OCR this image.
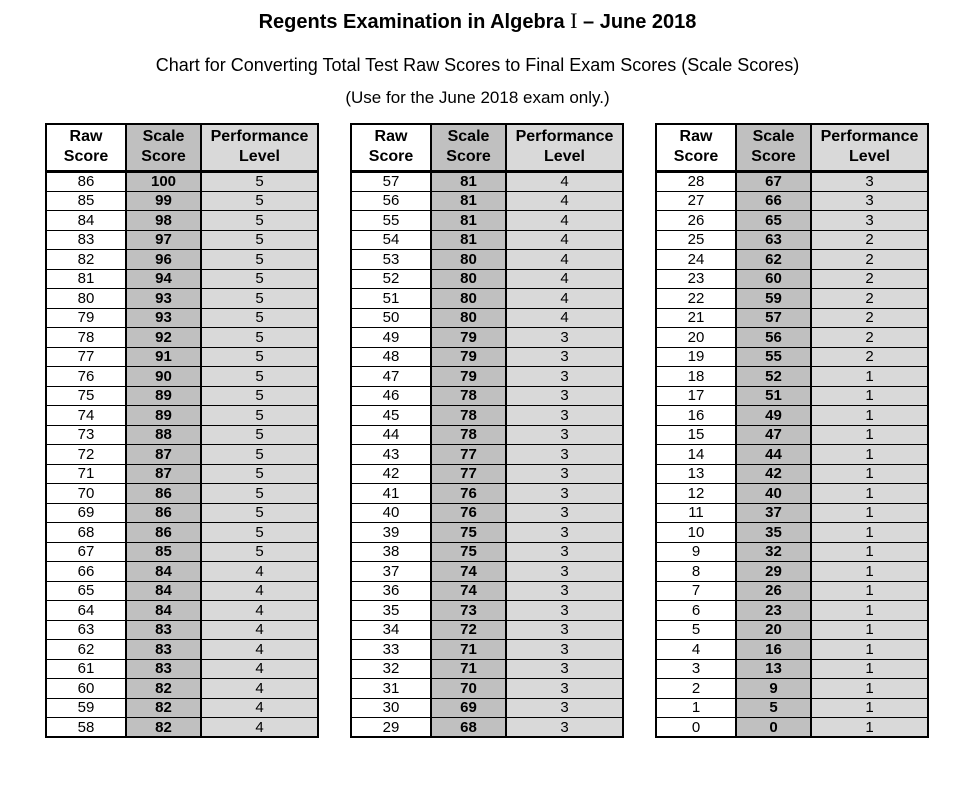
Regents Examination in Algebra I – June 2018
Chart for Converting Total Test Raw Scores to Final Exam Scores (Scale Scores)
(Use for the June 2018 exam only.)
Raw
Score

Scale
Score

Performance
Level

86	100	5
85	99	5
84	98	5
83	97	5
82	96	5
81	94	5
80	93	5
79	93	5
78	92	5
77	91	5
76	90	5
75	89	5
74	89	5
73	88	5
72	87	5
71	87	5
70	86	5
69	86	5
68	86	5
67	85	5
66	84	4
65	84	4
64	84	4
63	83	4
62	83	4
61	83	4
60	82	4
59	82	4
58	82	4
Raw
Score

Scale
Score

Performance
Level

57	81	4
56	81	4
55	81	4
54	81	4
53	80	4
52	80	4
51	80	4
50	80	4
49	79	3
48	79	3
47	79	3
46	78	3
45	78	3
44	78	3
43	77	3
42	77	3
41	76	3
40	76	3
39	75	3
38	75	3
37	74	3
36	74	3
35	73	3
34	72	3
33	71	3
32	71	3
31	70	3
30	69	3
29	68	3
Raw
Score

Scale
Score

Performance
Level

28	67	3
27	66	3
26	65	3
25	63	2
24	62	2
23	60	2
22	59	2
21	57	2
20	56	2
19	55	2
18	52	1
17	51	1
16	49	1
15	47	1
14	44	1
13	42	1
12	40	1
11	37	1
10	35	1
9	32	1
8	29	1
7	26	1
6	23	1
5	20	1
4	16	1
3	13	1
2	9	1
1	5	1
0	0	1
